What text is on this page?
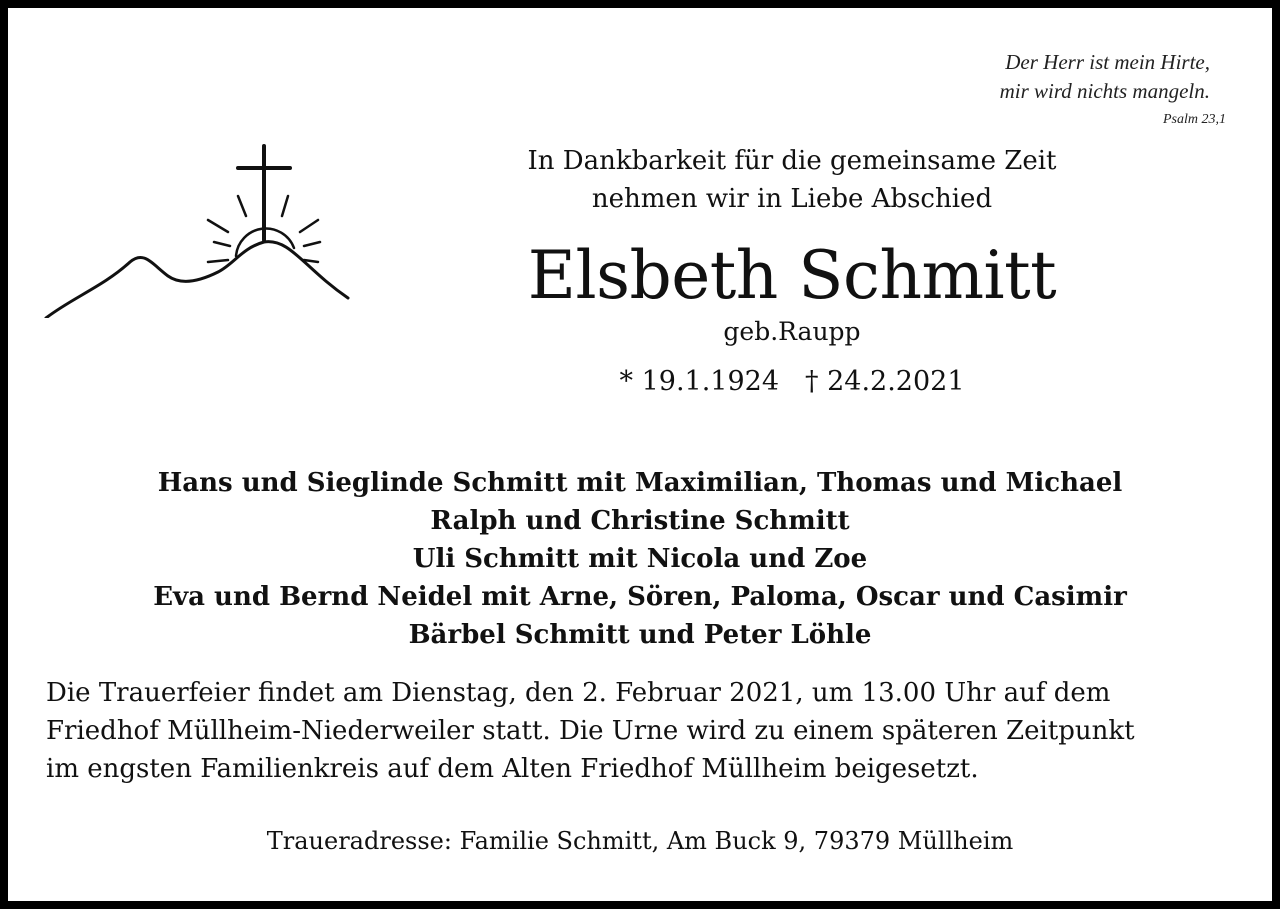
Der Herr ist mein Hirte,
mir wird nichts mangeln.
Psalm 23,1
In Dankbarkeit für die gemeinsame Zeit
nehmen wir in Liebe Abschied
Elsbeth Schmitt
geb.Raupp
* 19.1.1924 † 24.2.2021
Hans und Sieglinde Schmitt mit Maximilian, Thomas und Michael
Ralph und Christine Schmitt
Uli Schmitt mit Nicola und Zoe
Eva und Bernd Neidel mit Arne, Sören, Paloma, Oscar und Casimir
Bärbel Schmitt und Peter Löhle
Die Trauerfeier findet am Dienstag, den 2. Februar 2021, um 13.00 Uhr auf dem
Friedhof Müllheim-Niederweiler statt. Die Urne wird zu einem späteren Zeitpunkt
im engsten Familienkreis auf dem Alten Friedhof Müllheim beigesetzt.
Traueradresse: Familie Schmitt, Am Buck 9, 79379 Müllheim
